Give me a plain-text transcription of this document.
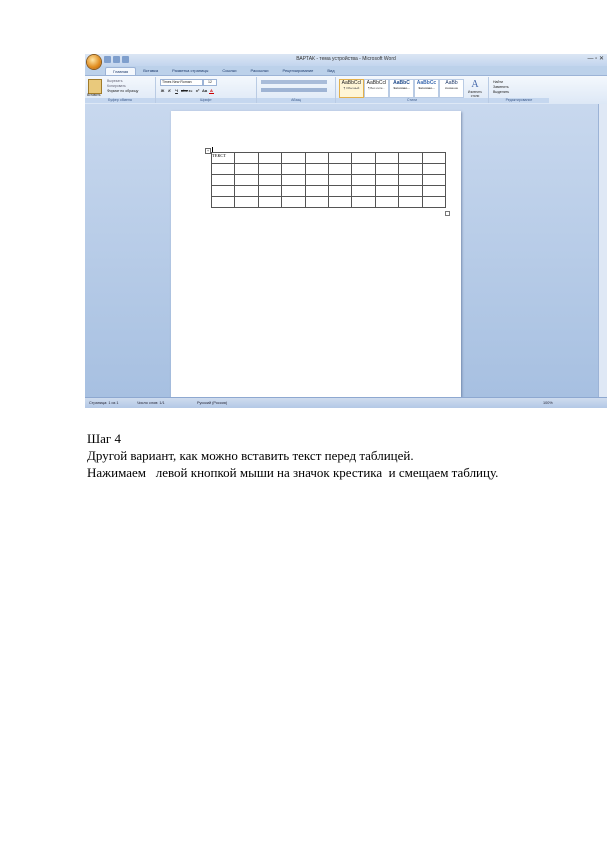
ВАРТАК - тема устройства - Microsoft Word	— ▫ ✕
Главная	Вставка	Разметка страницы	Ссылки	Рассылки	Рецензирование	Вид
Вставить
Вырезать
Копировать
Формат по образцу
Буфер обмена
Times New Roman	12
Ж К	Ч abc x₂ x² Aa A
Шрифт	Абзац
AaBbCcI
¶ Обычный
AaBbCcI
¶ Без инте...
AaBbC
Заголово...
AaBbCc
Заголово...
AaBb
Название	A
Изменить стили
Стили
Найти
Заменить
Выделить
Редактирование
+
ТЕКСТ									

Страница: 1 из 1	Число слов: 1/1	Русский (Россия)	100%
Шаг 4
Другой вариант, как можно вставить текст перед таблицей.
Нажимаем   левой кнопкой мыши на значок крестика  и смещаем таблицу.
